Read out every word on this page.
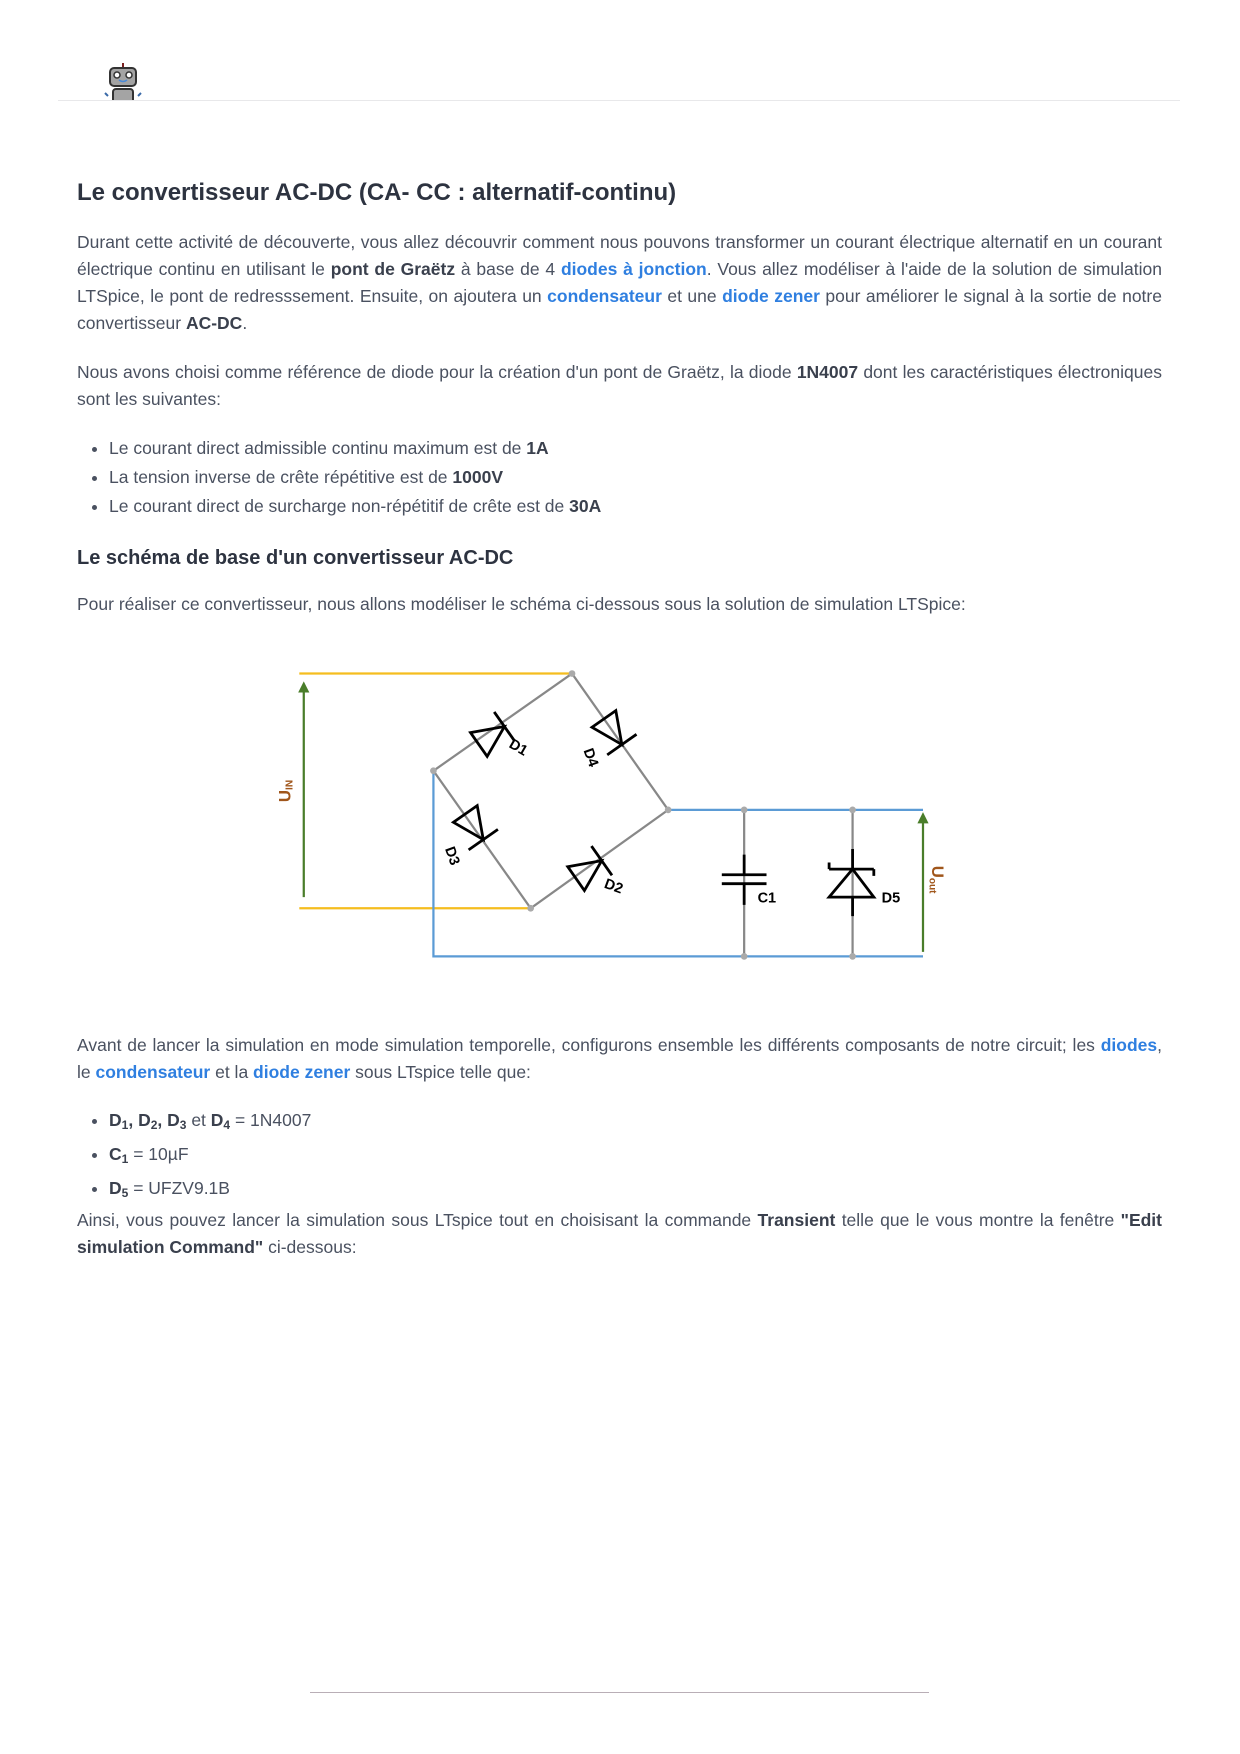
Le convertisseur AC-DC (CA- CC : alternatif-continu)

Durant cette activité de découverte, vous allez découvrir comment nous pouvons transformer un courant électrique alternatif en un courant électrique continu en utilisant le pont de Graëtz à base de 4 diodes à jonction. Vous allez modéliser à l'aide de la solution de simulation LTSpice, le pont de redresssement. Ensuite, on ajoutera un condensateur et une diode zener pour améliorer le signal à la sortie de notre convertisseur AC-DC.

Nous avons choisi comme référence de diode pour la création d'un pont de Graëtz, la diode 1N4007 dont les caractéristiques électroniques sont les suivantes:

• Le courant direct admissible continu maximum est de 1A
• La tension inverse de crête répétitive est de 1000V
• Le courant direct de surcharge non-répétitif de crête est de 30A
Le schéma de base d'un convertisseur AC-DC

Pour réaliser ce convertisseur, nous allons modéliser le schéma ci-dessous sous la solution de simulation LTSpice:

D1	D4
D3
D2
C1	D5
UIN
Uout

Avant de lancer la simulation en mode simulation temporelle, configurons ensemble les différents composants de notre circuit; les diodes, le condensateur et la diode zener sous LTspice telle que:

• $D_1$, $D_2$, $D_3$ et $D_4 = 1N4007$
• $C_1 = 10\mu F$
• $D_5$ = UFZV9.1B

Ainsi, vous pouvez lancer la simulation sous LTspice tout en choisisant la commande Transient telle que le vous montre la fenêtre "Edit simulation Command" ci-dessous:
